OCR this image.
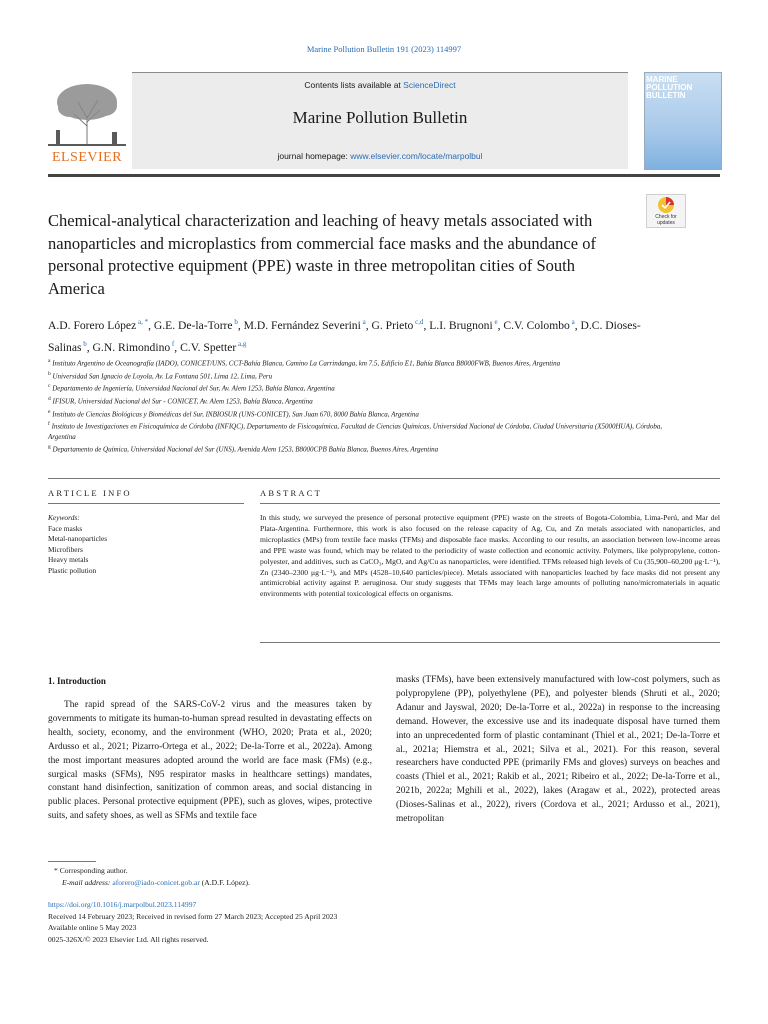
Marine Pollution Bulletin 191 (2023) 114997
ELSEVIER
Contents lists available at ScienceDirect
Marine Pollution Bulletin
journal homepage: www.elsevier.com/locate/marpolbul
MARINE
POLLUTION
BULLETIN
Check for updates
Chemical-analytical characterization and leaching of heavy metals associated with nanoparticles and microplastics from commercial face masks and the abundance of personal protective equipment (PPE) waste in three metropolitan cities of South America
A.D. Forero López $^{a, *}$, G.E. De-la-Torre $^b$, M.D. Fernández Severini $^a$, G. Prieto $^{c,d}$, L.I. Brugnoni $^e$, C.V. Colombo $^a$, D.C. Dioses-Salinas $^b$, G.N. Rimondino $^f$, C.V. Spetter $^{a,g}$

$^a$ Instituto Argentino de Oceanografía (IADO), CONICET/UNS, CCT-Bahía Blanca, Camino La Carrindanga, km 7.5, Edificio E1, Bahía Blanca B8000FWB, Buenos Aires, Argentina

$^b$ Universidad San Ignacio de Loyola, Av. La Fontana 501, Lima 12, Lima, Peru

$^c$ Departamento de Ingeniería, Universidad Nacional del Sur, Av. Alem 1253, Bahía Blanca, Argentina

$^d$ IFISUR, Universidad Nacional del Sur - CONICET, Av. Alem 1253, Bahía Blanca, Argentina

$^e$ Instituto de Ciencias Biológicas y Biomédicas del Sur, INBIOSUR (UNS-CONICET), San Juan 670, 8000 Bahía Blanca, Argentina

$^f$ Instituto de Investigaciones en Fisicoquímica de Córdoba (INFIQC), Departamento de Fisicoquímica, Facultad de Ciencias Químicas, Universidad Nacional de Córdoba, Ciudad Universitaria (X5000HUA), Córdoba, Argentina

$^g$ Departamento de Química, Universidad Nacional del Sur (UNS), Avenida Alem 1253, B8000CPB Bahía Blanca, Buenos Aires, Argentina

ARTICLE INFO	ABSTRACT
Keywords:
Face masks
Metal-nanoparticles
Microfibers
Heavy metals
Plastic pollution
In this study, we surveyed the presence of personal protective equipment (PPE) waste on the streets of Bogota-Colombia, Lima-Perú, and Mar del Plata-Argentina. Furthermore, this work is also focused on the release capacity of Ag, Cu, and Zn metals associated with nanoparticles, and microplastics (MPs) from textile face masks (TFMs) and disposable face masks. According to our results, an association between low-income areas and PPE waste was found, which may be related to the periodicity of waste collection and economic activity. Polymers, like polypropylene, cotton-polyester, and additives, such as CaCO₃, MgO, and Ag/Cu as nanoparticles, were identified. TFMs released high levels of Cu (35,900–60,200 μg·L⁻¹), Zn (2340–2300 μg·L⁻¹), and MPs (4528–10,640 particles/piece). Metals associated with nanoparticles leached by face masks did not present any antimicrobial activity against P. aeruginosa. Our study suggests that TFMs may leach large amounts of polluting nano/micromaterials in aquatic environments with potential toxicological effects on organisms.
1. Introduction

The rapid spread of the SARS-CoV-2 virus and the measures taken by governments to mitigate its human-to-human spread resulted in devastating effects on health, society, economy, and the environment (WHO, 2020; Prata et al., 2020; Ardusso et al., 2021; Pizarro-Ortega et al., 2022; De-la-Torre et al., 2022a). Among the most important measures adopted around the world are face mask (FMs) (e.g., surgical masks (SFMs), N95 respirator masks in healthcare settings) mandates, constant hand disinfection, sanitization of common areas, and social distancing in public places. Personal protective equipment (PPE), such as gloves, wipes, protective suits, and safety shoes, as well as SFMs and textile face

masks (TFMs), have been extensively manufactured with low-cost polymers, such as polypropylene (PP), polyethylene (PE), and polyester blends (Shruti et al., 2020; Adanur and Jayswal, 2020; De-la-Torre et al., 2022a) in response to the increasing demand. However, the excessive use and its inadequate disposal have turned them into an unprecedented form of plastic contaminant (Thiel et al., 2021; De-la-Torre et al., 2021a; Hiemstra et al., 2021; Silva et al., 2021). For this reason, several researchers have conducted PPE (primarily FMs and gloves) surveys on beaches and coasts (Thiel et al., 2021; Rakib et al., 2021; Ribeiro et al., 2022; De-la-Torre et al., 2021b, 2022a; Mghili et al., 2022), lakes (Aragaw et al., 2022), protected areas (Dioses-Salinas et al., 2022), rivers (Cordova et al., 2021; Ardusso et al., 2021), metropolitan

* Corresponding author.
E-mail address: aforero@iado-conicet.gob.ar (A.D.F. López).
https://doi.org/10.1016/j.marpolbul.2023.114997
Received 14 February 2023; Received in revised form 27 March 2023; Accepted 25 April 2023
Available online 5 May 2023
0025-326X/© 2023 Elsevier Ltd. All rights reserved.
